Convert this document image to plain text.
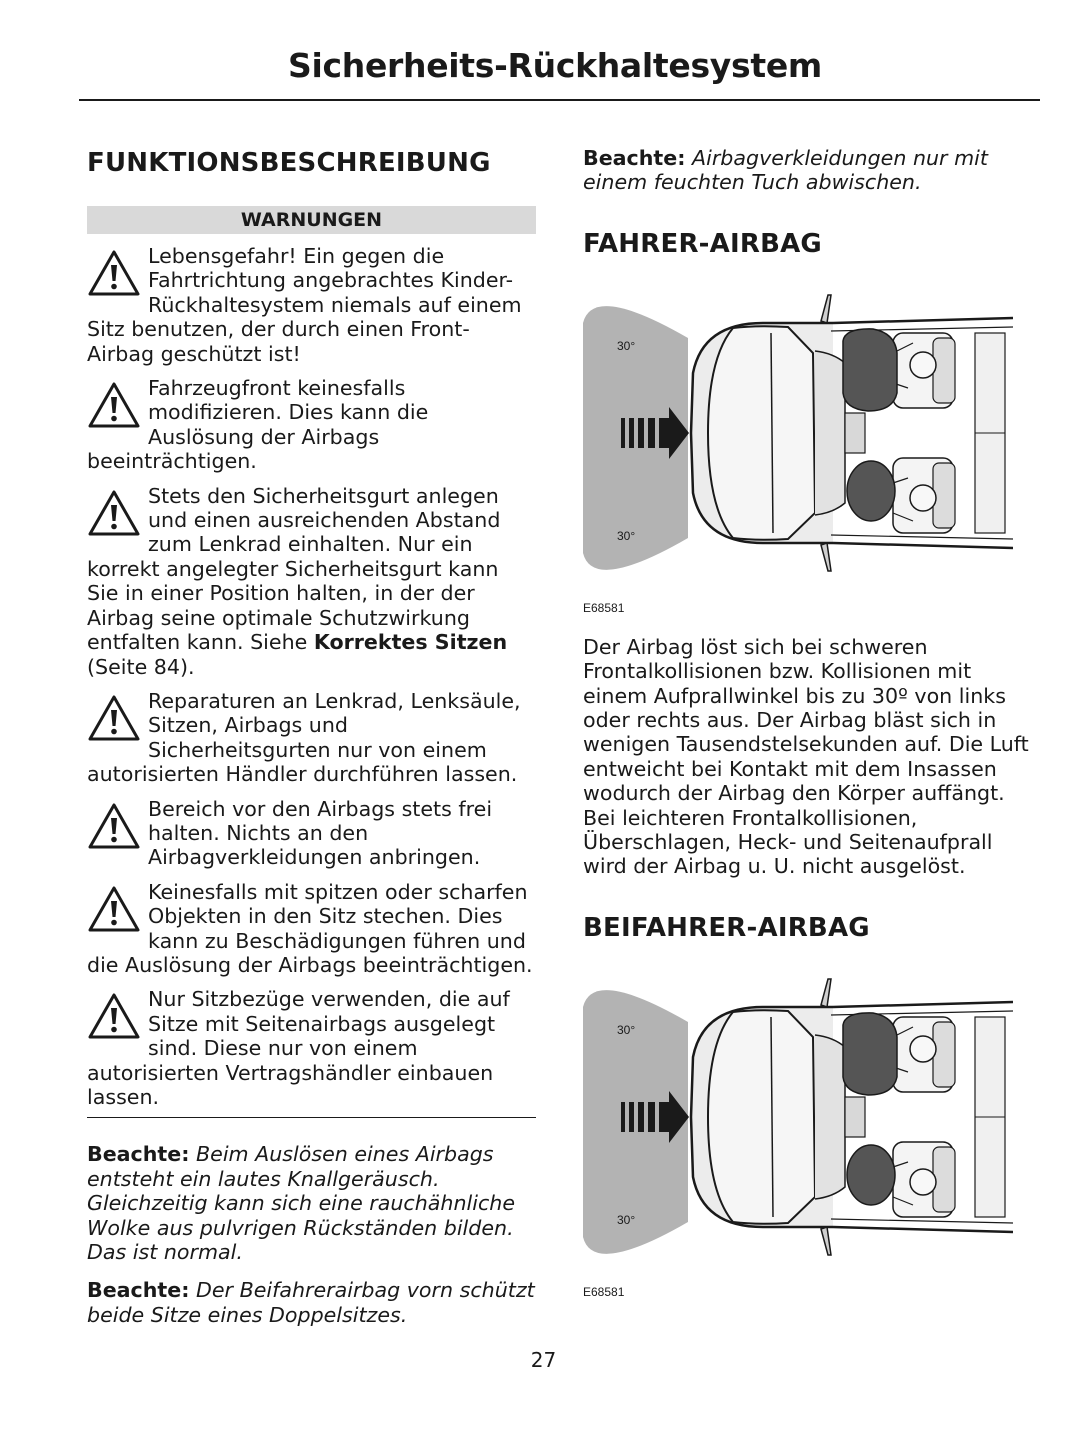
Sicherheits-Rückhaltesystem
FUNKTIONSBESCHREIBUNG
WARNUNGEN

Lebensgefahr! Ein gegen die Fahrtrichtung angebrachtes Kinder-Rückhaltesystem niemals auf einem Sitz benutzen, der durch einen Front-Airbag geschützt ist!

Fahrzeugfront keinesfalls modifizieren. Dies kann die Auslösung der Airbags beeinträchtigen.

Stets den Sicherheitsgurt anlegen und einen ausreichenden Abstand zum Lenkrad einhalten. Nur ein korrekt angelegter Sicherheitsgurt kann Sie in einer Position halten, in der der Airbag seine optimale Schutzwirkung entfalten kann. Siehe Korrektes Sitzen (Seite 84).

Reparaturen an Lenkrad, Lenksäule, Sitzen, Airbags und Sicherheitsgurten nur von einem autorisierten Händler durchführen lassen.

Bereich vor den Airbags stets frei halten. Nichts an den Airbagverkleidungen anbringen.

Keinesfalls mit spitzen oder scharfen Objekten in den Sitz stechen. Dies kann zu Beschädigungen führen und die Auslösung der Airbags beeinträchtigen.

Nur Sitzbezüge verwenden, die auf Sitze mit Seitenairbags ausgelegt sind. Diese nur von einem autorisierten Vertragshändler einbauen lassen.

Beachte: Beim Auslösen eines Airbags entsteht ein lautes Knallgeräusch. Gleichzeitig kann sich eine rauchähnliche Wolke aus pulvrigen Rückständen bilden. Das ist normal.
Beachte: Der Beifahrerairbag vorn schützt beide Sitze eines Doppelsitzes.
Beachte: Airbagverkleidungen nur mit einem feuchten Tuch abwischen.
FAHRER-AIRBAG
30°
30°
E68581

Der Airbag löst sich bei schweren Frontalkollisionen bzw. Kollisionen mit einem Aufprallwinkel bis zu 30º von links oder rechts aus. Der Airbag bläst sich in wenigen Tausendstelsekunden auf. Die Luft entweicht bei Kontakt mit dem Insassen wodurch der Airbag den Körper auffängt. Bei leichteren Frontalkollisionen, Überschlagen, Heck- und Seitenaufprall wird der Airbag u. U. nicht ausgelöst.

BEIFAHRER-AIRBAG
30°
30°
E68581
27
